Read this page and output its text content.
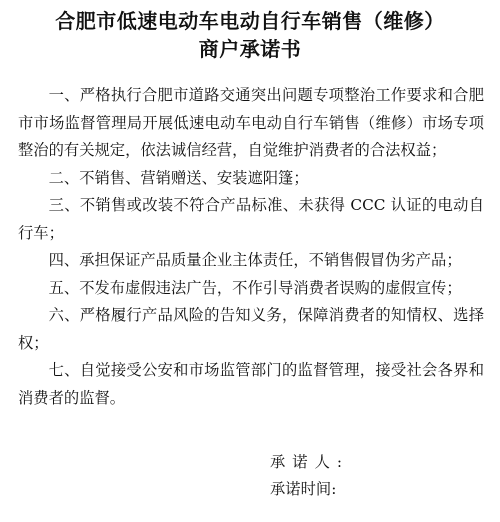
合肥市低速电动车电动自行车销售（维修）
商户承诺书

一、严格执行合肥市道路交通突出问题专项整治工作要求和合肥市市场监督管理局开展低速电动车电动自行车销售（维修）市场专项整治的有关规定，依法诚信经营，自觉维护消费者的合法权益；

二、不销售、营销赠送、安装遮阳篷；

三、不销售或改装不符合产品标准、未获得 CCC 认证的电动自行车；

四、承担保证产品质量企业主体责任，不销售假冒伪劣产品；

五、不发布虚假违法广告，不作引导消费者误购的虚假宣传；

六、严格履行产品风险的告知义务，保障消费者的知情权、选择权；

七、自觉接受公安和市场监管部门的监督管理，接受社会各界和消费者的监督。

承诺人:
承诺时间:
